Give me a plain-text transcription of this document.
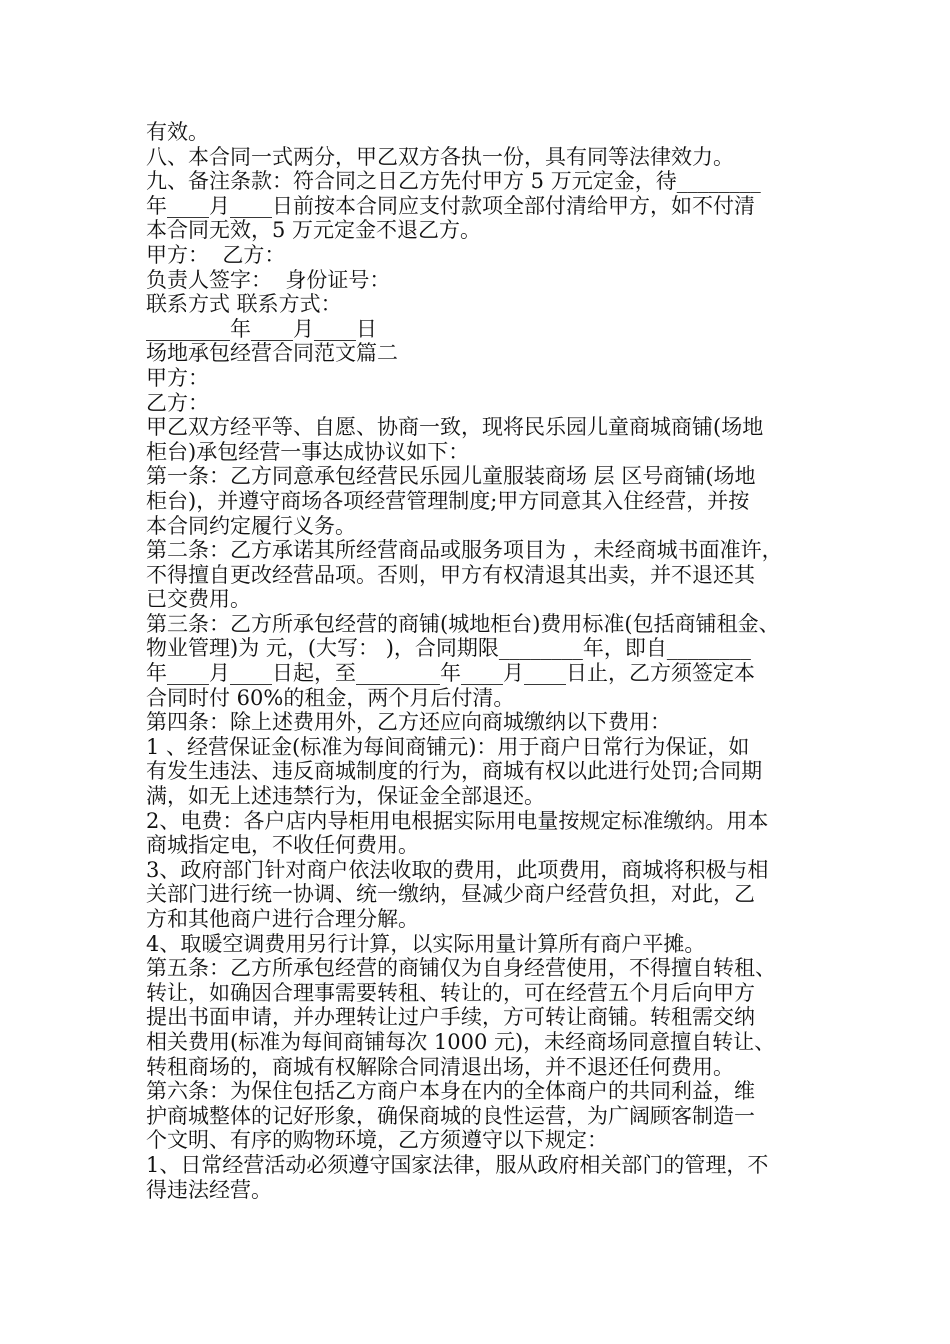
有效。
八、本合同一式两分，甲乙双方各执一份，具有同等法律效力。
九、备注条款：符合同之日乙方先付甲方 5 万元定金，待________
年____月____日前按本合同应支付款项全部付清给甲方，如不付清
本合同无效，5 万元定金不退乙方。
甲方：  乙方：
负责人签字：  身份证号：
联系方式 联系方式：
________年____月____日
场地承包经营合同范文篇二
甲方：
乙方：
甲乙双方经平等、自愿、协商一致，现将民乐园儿童商城商铺(场地
柜台)承包经营一事达成协议如下：
第一条：乙方同意承包经营民乐园儿童服装商场 层 区号商铺(场地
柜台)，并遵守商场各项经营管理制度;甲方同意其入住经营，并按
本合同约定履行义务。
第二条：乙方承诺其所经营商品或服务项目为 ，未经商城书面准许，
不得擅自更改经营品项。否则，甲方有权清退其出卖，并不退还其
已交费用。
第三条：乙方所承包经营的商铺(城地柜台)费用标准(包括商铺租金、
物业管理)为 元，(大写： )，合同期限________年，即自________
年____月____日起，至________年____月____日止，乙方须签定本
合同时付 60%的租金，两个月后付清。
第四条：除上述费用外，乙方还应向商城缴纳以下费用：
1 、经营保证金(标准为每间商铺元)：用于商户日常行为保证，如
有发生违法、违反商城制度的行为，商城有权以此进行处罚;合同期
满，如无上述违禁行为，保证金全部退还。
2、电费：各户店内导柜用电根据实际用电量按规定标准缴纳。用本
商城指定电，不收任何费用。
3、政府部门针对商户依法收取的费用，此项费用，商城将积极与相
关部门进行统一协调、统一缴纳，昼减少商户经营负担，对此，乙
方和其他商户进行合理分解。
4、取暖空调费用另行计算，以实际用量计算所有商户平摊。
第五条：乙方所承包经营的商铺仅为自身经营使用，不得擅自转租、
转让，如确因合理事需要转租、转让的，可在经营五个月后向甲方
提出书面申请，并办理转让过户手续，方可转让商铺。转租需交纳
相关费用(标准为每间商铺每次 1000 元)，未经商场同意擅自转让、
转租商场的，商城有权解除合同清退出场，并不退还任何费用。
第六条：为保住包括乙方商户本身在内的全体商户的共同利益，维
护商城整体的记好形象，确保商城的良性运营，为广阔顾客制造一
个文明、有序的购物环境，乙方须遵守以下规定：
1、日常经营活动必须遵守国家法律，服从政府相关部门的管理，不
得违法经营。
